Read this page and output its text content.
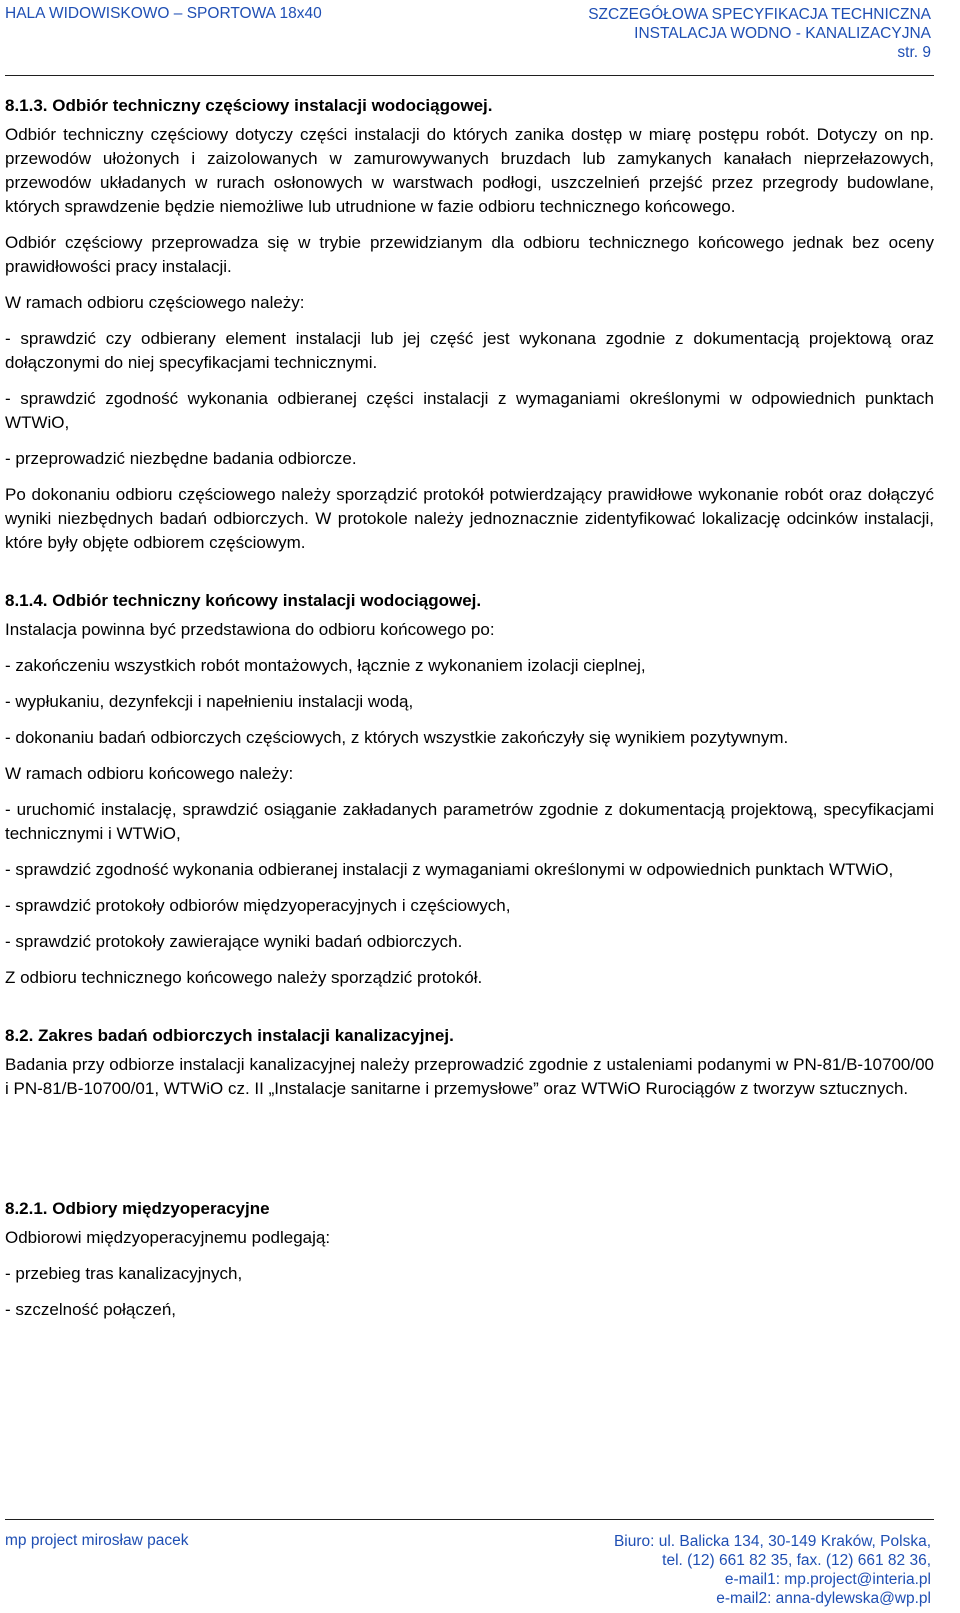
HALA WIDOWISKOWO – SPORTOWA 18x40	SZCZEGÓŁOWA SPECYFIKACJA TECHNICZNA
INSTALACJA WODNO - KANALIZACYJNA
str. 9
8.1.3. Odbiór techniczny częściowy instalacji wodociągowej.

Odbiór techniczny częściowy dotyczy części instalacji do których zanika dostęp w miarę postępu robót. Dotyczy on np. przewodów ułożonych i zaizolowanych w zamurowywanych bruzdach lub zamykanych kanałach nieprzełazowych, przewodów układanych w rurach osłonowych w warstwach podłogi, uszczelnień przejść przez przegrody budowlane, których sprawdzenie będzie niemożliwe lub utrudnione w fazie odbioru technicznego końcowego.

Odbiór częściowy przeprowadza się w trybie przewidzianym dla odbioru technicznego końcowego jednak bez oceny prawidłowości pracy instalacji.

W ramach odbioru częściowego należy:

- sprawdzić czy odbierany element instalacji lub jej część jest wykonana zgodnie z dokumentacją projektową oraz dołączonymi do niej specyfikacjami technicznymi.

- sprawdzić zgodność wykonania odbieranej części instalacji z wymaganiami określonymi w odpowiednich punktach WTWiO,

- przeprowadzić niezbędne badania odbiorcze.

Po dokonaniu odbioru częściowego należy sporządzić protokół potwierdzający prawidłowe wykonanie robót oraz dołączyć wyniki niezbędnych badań odbiorczych. W protokole należy jednoznacznie zidentyfikować lokalizację odcinków instalacji, które były objęte odbiorem częściowym.

8.1.4. Odbiór techniczny końcowy instalacji wodociągowej.

Instalacja powinna być przedstawiona do odbioru końcowego po:

- zakończeniu wszystkich robót montażowych, łącznie z wykonaniem izolacji cieplnej,

- wypłukaniu, dezynfekcji i napełnieniu instalacji wodą,

- dokonaniu badań odbiorczych częściowych, z których wszystkie zakończyły się wynikiem pozytywnym.

W ramach odbioru końcowego należy:

- uruchomić instalację, sprawdzić osiąganie zakładanych parametrów zgodnie z dokumentacją projektową, specyfikacjami technicznymi i WTWiO,

- sprawdzić zgodność wykonania odbieranej instalacji z wymaganiami określonymi w odpowiednich punktach WTWiO,

- sprawdzić protokoły odbiorów międzyoperacyjnych i częściowych,

- sprawdzić protokoły zawierające wyniki badań odbiorczych.

Z odbioru technicznego końcowego należy sporządzić protokół.

8.2. Zakres badań odbiorczych instalacji kanalizacyjnej.

Badania przy odbiorze instalacji kanalizacyjnej należy przeprowadzić zgodnie z ustaleniami podanymi w PN-81/B-10700/00 i PN-81/B-10700/01, WTWiO cz. II „Instalacje sanitarne i przemysłowe” oraz WTWiO Rurociągów z tworzyw sztucznych.

8.2.1. Odbiory międzyoperacyjne

Odbiorowi międzyoperacyjnemu podlegają:

- przebieg tras kanalizacyjnych,

- szczelność połączeń,

mp project mirosław pacek	Biuro: ul. Balicka 134, 30-149 Kraków, Polska,
tel. (12) 661 82 35, fax. (12) 661 82 36,
e-mail1: mp.project@interia.pl
e-mail2: anna-dylewska@wp.pl
